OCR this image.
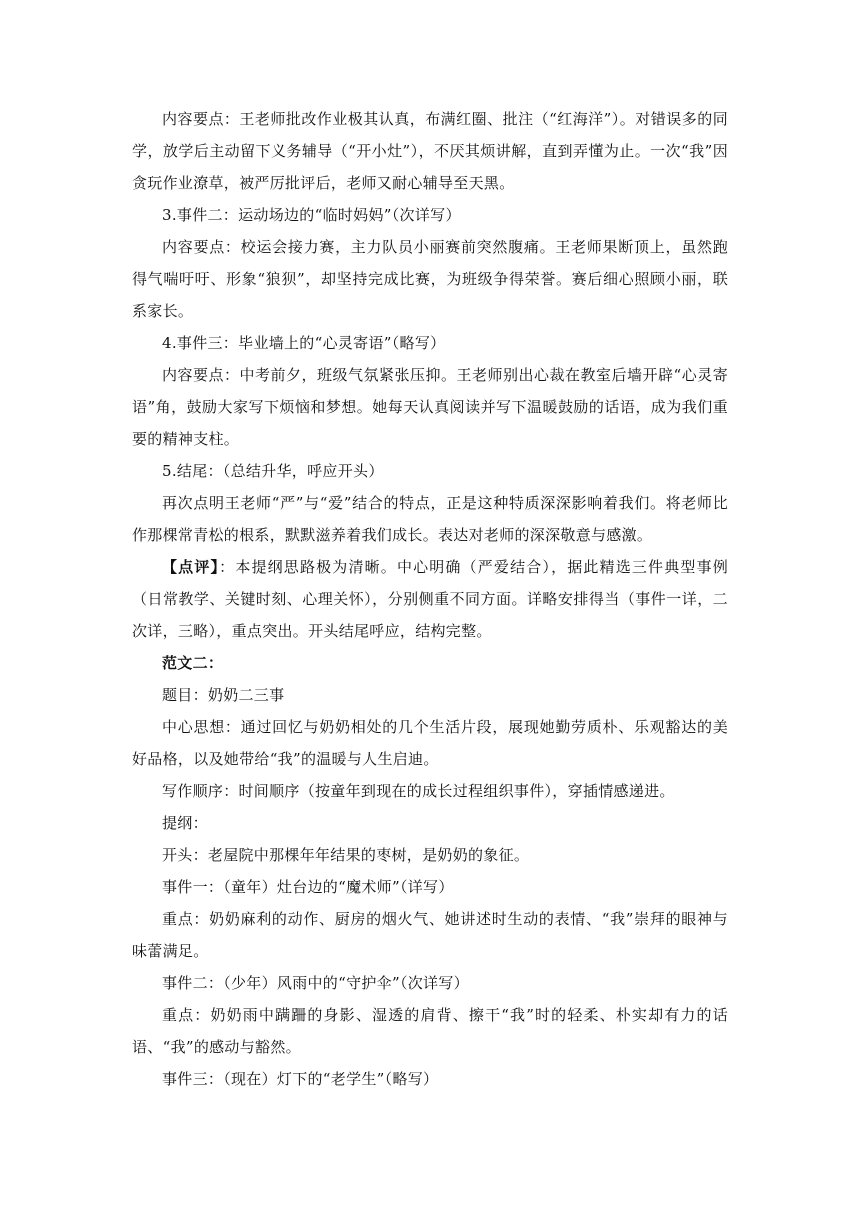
内容要点：王老师批改作业极其认真，布满红圈、批注（“红海洋”）。对错误多的同学，放学后主动留下义务辅导（“开小灶”），不厌其烦讲解，直到弄懂为止。一次“我”因贪玩作业潦草，被严厉批评后，老师又耐心辅导至天黑。

3.事件二：运动场边的“临时妈妈”（次详写）

内容要点：校运会接力赛，主力队员小丽赛前突然腹痛。王老师果断顶上，虽然跑得气喘吁吁、形象“狼狈”，却坚持完成比赛，为班级争得荣誉。赛后细心照顾小丽，联系家长。

4.事件三：毕业墙上的“心灵寄语”（略写）

内容要点：中考前夕，班级气氛紧张压抑。王老师别出心裁在教室后墙开辟“心灵寄语”角，鼓励大家写下烦恼和梦想。她每天认真阅读并写下温暖鼓励的话语，成为我们重要的精神支柱。

5.结尾：（总结升华，呼应开头）

再次点明王老师“严”与“爱”结合的特点，正是这种特质深深影响着我们。将老师比作那棵常青松的根系，默默滋养着我们成长。表达对老师的深深敬意与感激。

【点评】：本提纲思路极为清晰。中心明确（严爱结合），据此精选三件典型事例（日常教学、关键时刻、心理关怀），分别侧重不同方面。详略安排得当（事件一详，二次详，三略），重点突出。开头结尾呼应，结构完整。

范文二：

题目：奶奶二三事

中心思想：通过回忆与奶奶相处的几个生活片段，展现她勤劳质朴、乐观豁达的美好品格，以及她带给“我”的温暖与人生启迪。

写作顺序：时间顺序（按童年到现在的成长过程组织事件），穿插情感递进。

提纲：

开头：老屋院中那棵年年结果的枣树，是奶奶的象征。

事件一：（童年）灶台边的“魔术师”（详写）

重点：奶奶麻利的动作、厨房的烟火气、她讲述时生动的表情、“我”崇拜的眼神与味蕾满足。

事件二：（少年）风雨中的“守护伞”（次详写）

重点：奶奶雨中蹒跚的身影、湿透的肩背、擦干“我”时的轻柔、朴实却有力的话语、“我”的感动与豁然。

事件三：（现在）灯下的“老学生”（略写）
